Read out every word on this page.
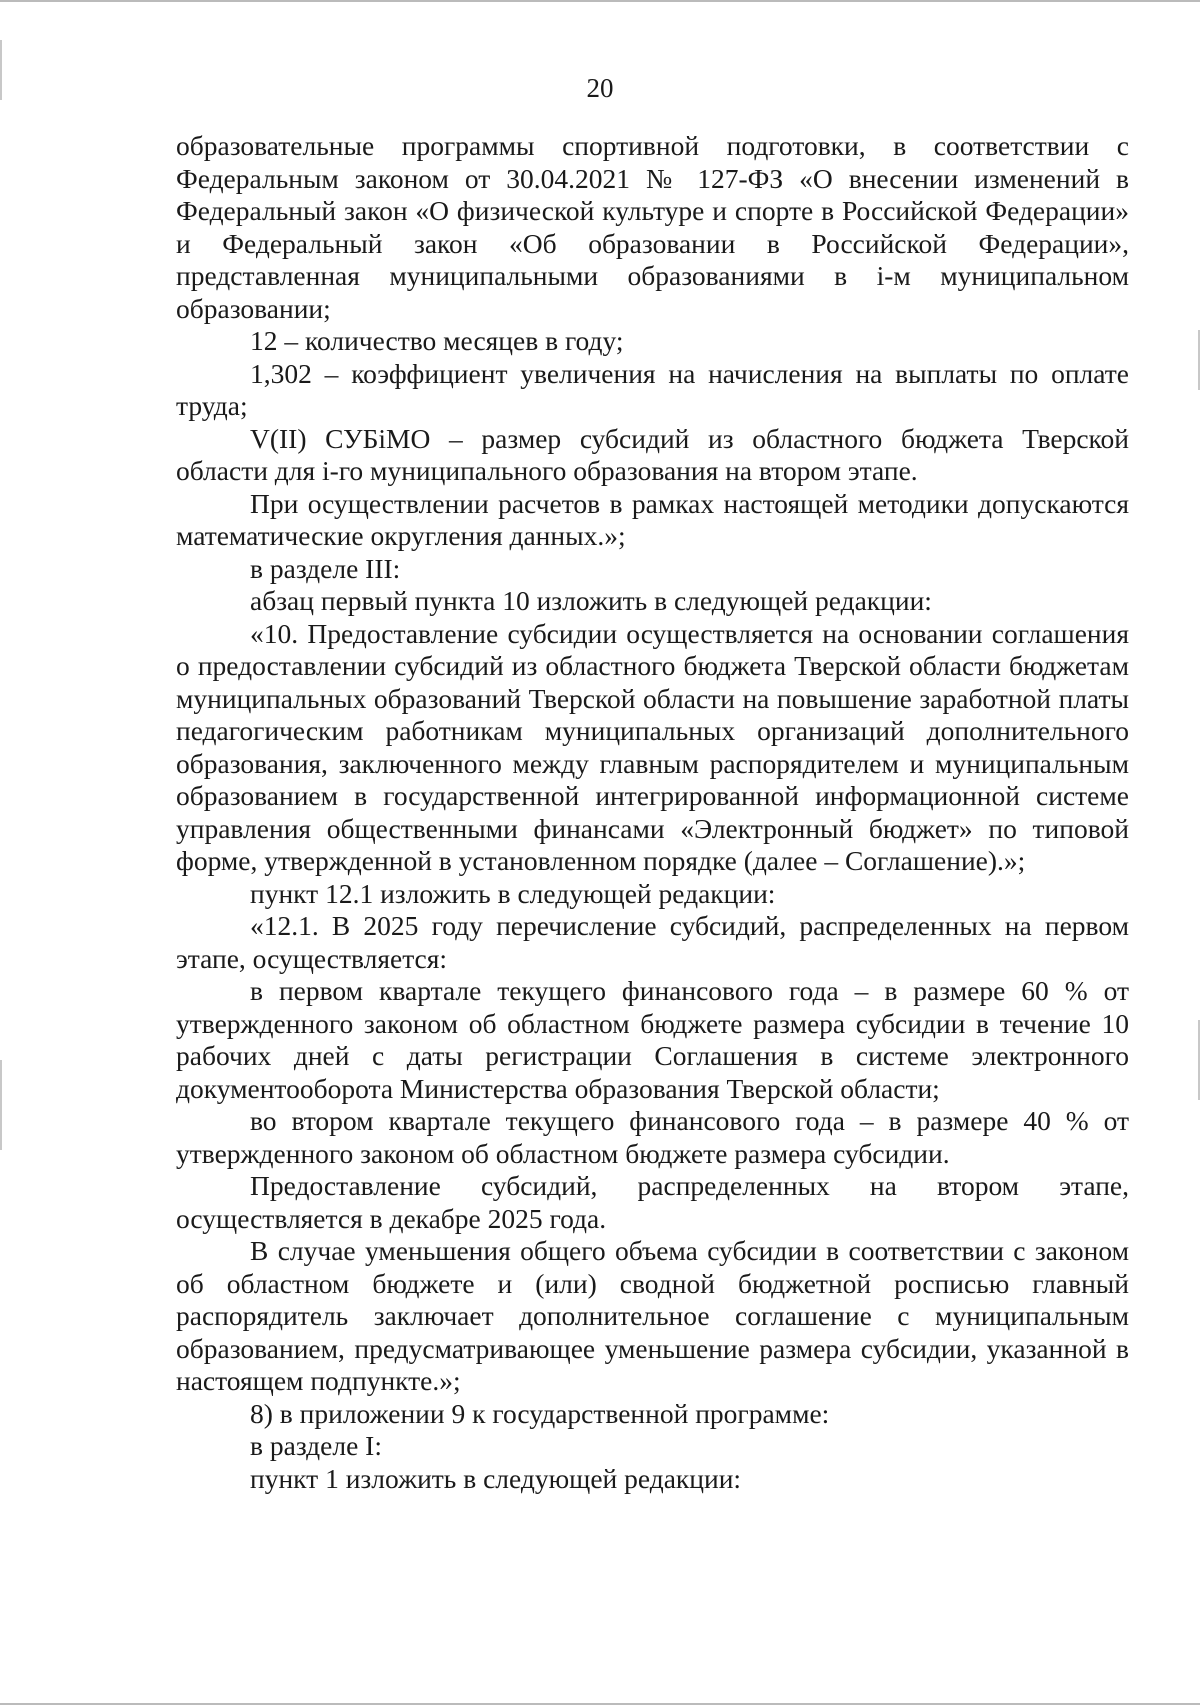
20

образовательные программы спортивной подготовки, в соответствии с Федеральным законом от 30.04.2021 № 127-ФЗ «О внесении изменений в Федеральный закон «О физической культуре и спорте в Российской Федерации» и Федеральный закон «Об образовании в Российской Федерации», представленная муниципальными образованиями в i-м муниципальном образовании;

12 – количество месяцев в году;

1,302 – коэффициент увеличения на начисления на выплаты по оплате труда;

V(II) СУБiМО – размер субсидий из областного бюджета Тверской области для i-го муниципального образования на втором этапе.

При осуществлении расчетов в рамках настоящей методики допускаются математические округления данных.»;

в разделе III:

абзац первый пункта 10 изложить в следующей редакции:

«10. Предоставление субсидии осуществляется на основании соглашения о предоставлении субсидий из областного бюджета Тверской области бюджетам муниципальных образований Тверской области на повышение заработной платы педагогическим работникам муниципальных организаций дополнительного образования, заключенного между главным распорядителем и муниципальным образованием в государственной интегрированной информационной системе управления общественными финансами «Электронный бюджет» по типовой форме, утвержденной в установленном порядке (далее – Соглашение).»;

пункт 12.1 изложить в следующей редакции:

«12.1. В 2025 году перечисление субсидий, распределенных на первом этапе, осуществляется:

в первом квартале текущего финансового года – в размере 60 % от утвержденного законом об областном бюджете размера субсидии в течение 10 рабочих дней с даты регистрации Соглашения в системе электронного документооборота Министерства образования Тверской области;

во втором квартале текущего финансового года – в размере 40 % от утвержденного законом об областном бюджете размера субсидии.

Предоставление субсидий, распределенных на втором этапе, осуществляется в декабре 2025 года.

В случае уменьшения общего объема субсидии в соответствии с законом об областном бюджете и (или) сводной бюджетной росписью главный распорядитель заключает дополнительное соглашение с муниципальным образованием, предусматривающее уменьшение размера субсидии, указанной в настоящем подпункте.»;

8) в приложении 9 к государственной программе:

в разделе I:

пункт 1 изложить в следующей редакции:
